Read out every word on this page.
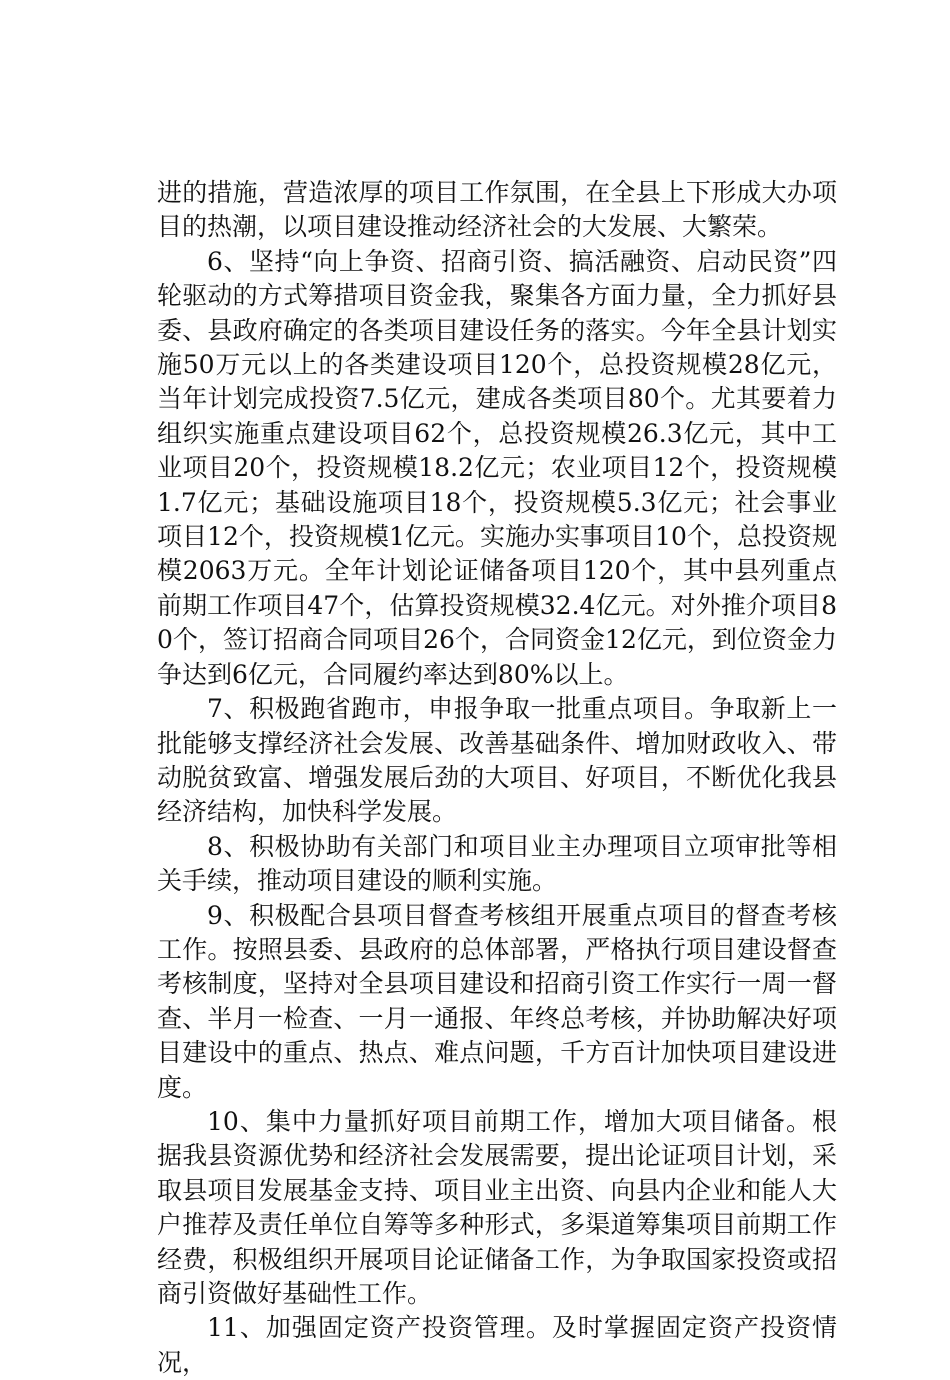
进的措施，营造浓厚的项目工作氛围，在全县上下形成大办项目的热潮，以项目建设推动经济社会的大发展、大繁荣。

6、坚持“向上争资、招商引资、搞活融资、启动民资”四轮驱动的方式筹措项目资金我，聚集各方面力量，全力抓好县委、县政府确定的各类项目建设任务的落实。今年全县计划实施50万元以上的各类建设项目120个，总投资规模28亿元，当年计划完成投资7.5亿元，建成各类项目80个。尤其要着力组织实施重点建设项目62个，总投资规模26.3亿元，其中工业项目20个，投资规模18.2亿元；农业项目12个，投资规模1.7亿元；基础设施项目18个，投资规模5.3亿元；社会事业项目12个，投资规模1亿元。实施办实事项目10个，总投资规模2063万元。全年计划论证储备项目120个，其中县列重点前期工作项目47个，估算投资规模32.4亿元。对外推介项目80个，签订招商合同项目26个，合同资金12亿元，到位资金力争达到6亿元，合同履约率达到80%以上。

7、积极跑省跑市，申报争取一批重点项目。争取新上一批能够支撑经济社会发展、改善基础条件、增加财政收入、带动脱贫致富、增强发展后劲的大项目、好项目，不断优化我县经济结构，加快科学发展。

8、积极协助有关部门和项目业主办理项目立项审批等相关手续，推动项目建设的顺利实施。

9、积极配合县项目督查考核组开展重点项目的督查考核工作。按照县委、县政府的总体部署，严格执行项目建设督查考核制度，坚持对全县项目建设和招商引资工作实行一周一督查、半月一检查、一月一通报、年终总考核，并协助解决好项目建设中的重点、热点、难点问题，千方百计加快项目建设进度。

10、集中力量抓好项目前期工作，增加大项目储备。根据我县资源优势和经济社会发展需要，提出论证项目计划，采取县项目发展基金支持、项目业主出资、向县内企业和能人大户推荐及责任单位自筹等多种形式，多渠道筹集项目前期工作经费，积极组织开展项目论证储备工作，为争取国家投资或招商引资做好基础性工作。

11、加强固定资产投资管理。及时掌握固定资产投资情况，
